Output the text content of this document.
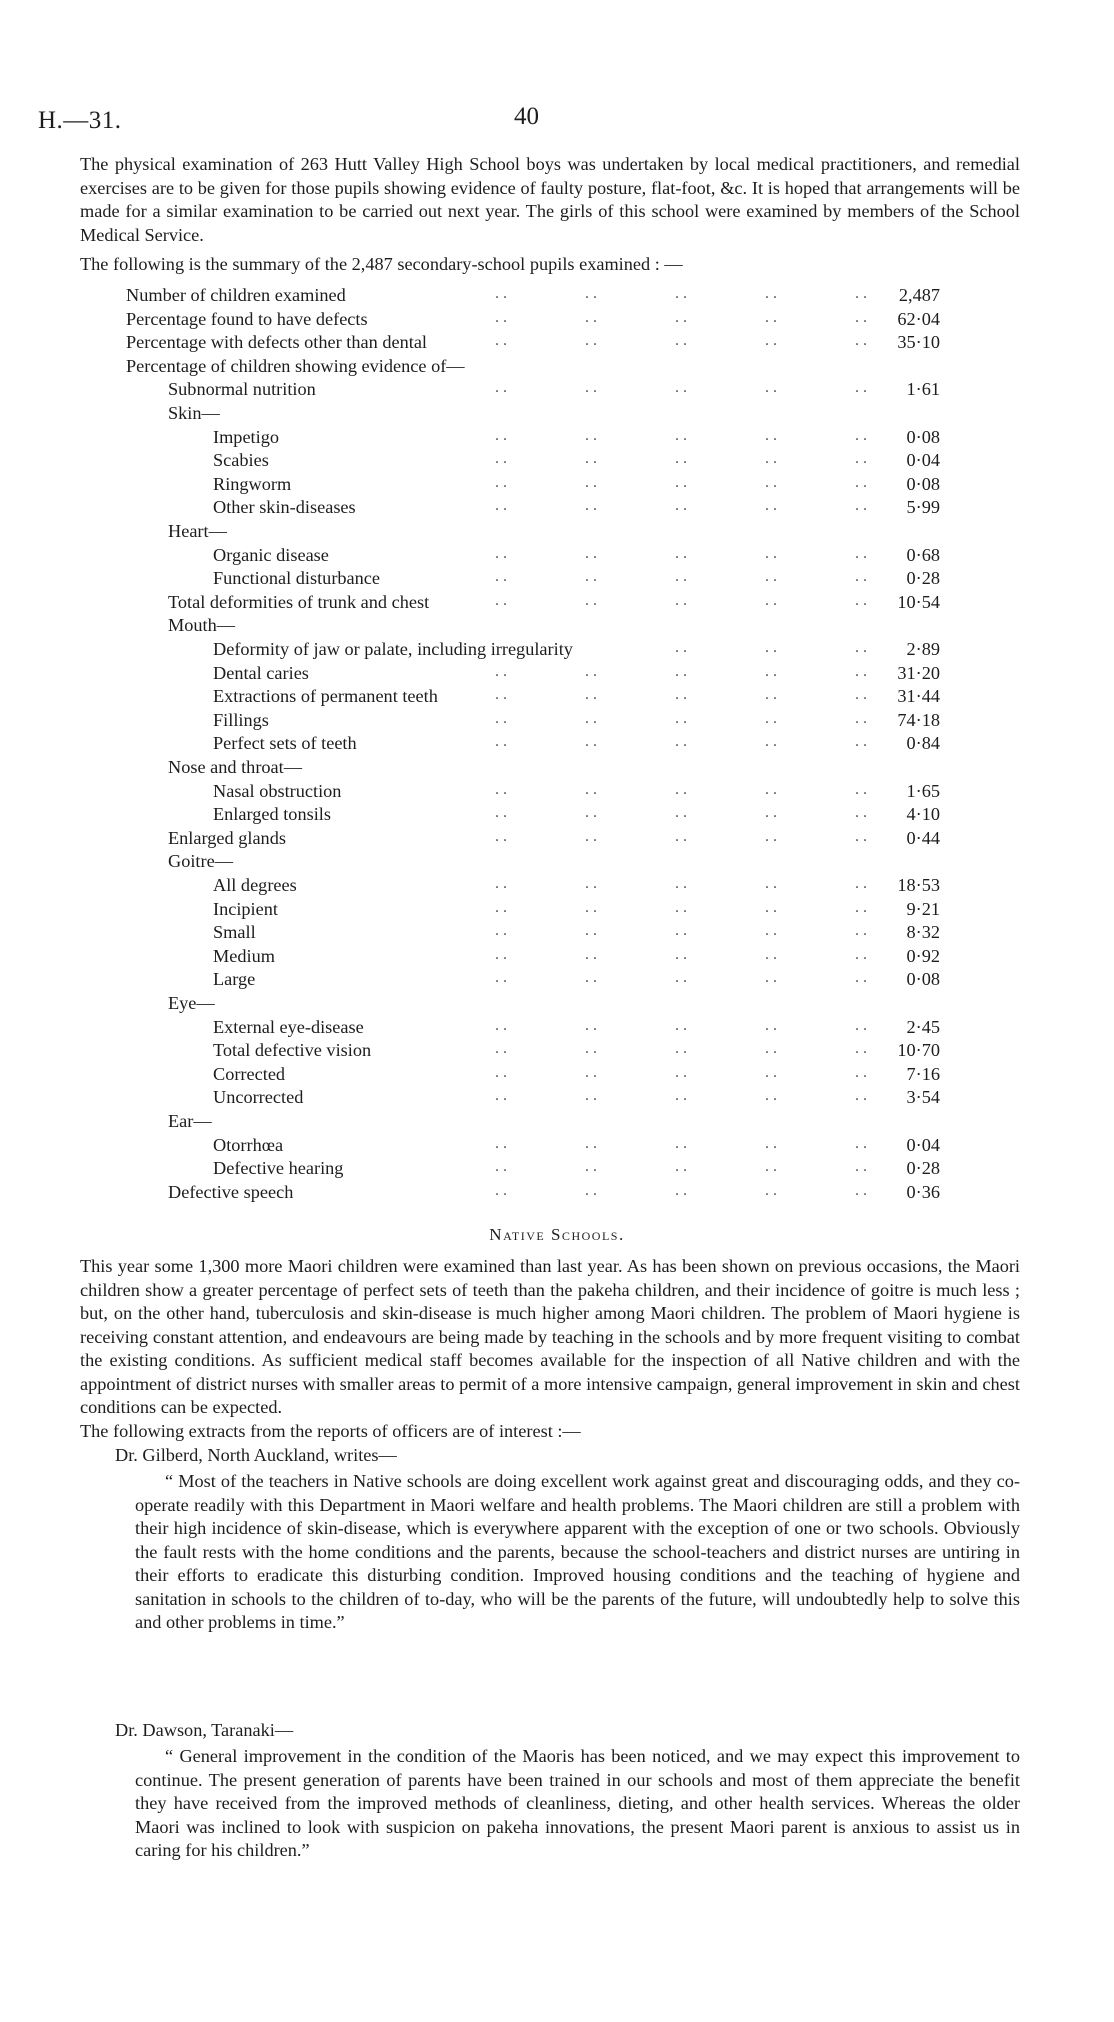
H.—31.	40
The physical examination of 263 Hutt Valley High School boys was undertaken by local medical practitioners, and remedial exercises are to be given for those pupils showing evidence of faulty posture, flat-foot, &c. It is hoped that arrangements will be made for a similar examination to be carried out next year. The girls of this school were examined by members of the School Medical Service.
The following is the summary of the 2,487 secondary-school pupils examined : —
Number of children examined	. .	. .	. .	. .	. . 2,487
Percentage found to have defects	. .	. .	. .	. .	. . 62·04
Percentage with defects other than dental	. .	. .	. .	. .	. . 35·10
Percentage of children showing evidence of—
Subnormal nutrition	. .	. .	. .	. .	. . 1·61
Skin—
Impetigo	. .	. .	. .	. .	. . 0·08
Scabies	. .	. .	. .	. .	. . 0·04
Ringworm	. .	. .	. .	. .	. . 0·08
Other skin-diseases	. .	. .	. .	. .	. . 5·99
Heart—
Organic disease	. .	. .	. .	. .	. . 0·68
Functional disturbance	. .	. .	. .	. .	. . 0·28
Total deformities of trunk and chest	. .	. .	. .	. .	. . 10·54
Mouth—
Deformity of jaw or palate, including irregularity	. .	. .	. . 2·89
Dental caries	. .	. .	. .	. .	. . 31·20
Extractions of permanent teeth	. .	. .	. .	. .	. . 31·44
Fillings	. .	. .	. .	. .	. . 74·18
Perfect sets of teeth	. .	. .	. .	. .	. . 0·84
Nose and throat—
Nasal obstruction	. .	. .	. .	. .	. . 1·65
Enlarged tonsils	. .	. .	. .	. .	. . 4·10
Enlarged glands	. .	. .	. .	. .	. . 0·44
Goitre—
All degrees	. .	. .	. .	. .	. . 18·53
Incipient	. .	. .	. .	. .	. . 9·21
Small	. .	. .	. .	. .	. . 8·32
Medium	. .	. .	. .	. .	. . 0·92
Large	. .	. .	. .	. .	. . 0·08
Eye—
External eye-disease	. .	. .	. .	. .	. . 2·45
Total defective vision	. .	. .	. .	. .	. . 10·70
Corrected	. .	. .	. .	. .	. . 7·16
Uncorrected	. .	. .	. .	. .	. . 3·54
Ear—
Otorrhœa	. .	. .	. .	. .	. . 0·04
Defective hearing	. .	. .	. .	. .	. . 0·28
Defective speech	. .	. .	. .	. .	. . 0·36
Native Schools.
This year some 1,300 more Maori children were examined than last year. As has been shown on previous occasions, the Maori children show a greater percentage of perfect sets of teeth than the pakeha children, and their incidence of goitre is much less ; but, on the other hand, tuberculosis and skin-disease is much higher among Maori children. The problem of Maori hygiene is receiving constant attention, and endeavours are being made by teaching in the schools and by more frequent visiting to combat the existing conditions. As sufficient medical staff becomes available for the inspection of all Native children and with the appointment of district nurses with smaller areas to permit of a more intensive campaign, general improvement in skin and chest conditions can be expected.
The following extracts from the reports of officers are of interest :—
Dr. Gilberd, North Auckland, writes—
“ Most of the teachers in Native schools are doing excellent work against great and discouraging odds, and they co-operate readily with this Department in Maori welfare and health problems. The Maori children are still a problem with their high incidence of skin-disease, which is everywhere apparent with the exception of one or two schools. Obviously the fault rests with the home conditions and the parents, because the school-teachers and district nurses are untiring in their efforts to eradicate this disturbing condition. Improved housing conditions and the teaching of hygiene and sanitation in schools to the children of to-day, who will be the parents of the future, will undoubtedly help to solve this and other problems in time.”
Dr. Dawson, Taranaki—
“ General improvement in the condition of the Maoris has been noticed, and we may expect this improvement to continue. The present generation of parents have been trained in our schools and most of them appreciate the benefit they have received from the improved methods of cleanliness, dieting, and other health services. Whereas the older Maori was inclined to look with suspicion on pakeha innovations, the present Maori parent is anxious to assist us in caring for his children.”
